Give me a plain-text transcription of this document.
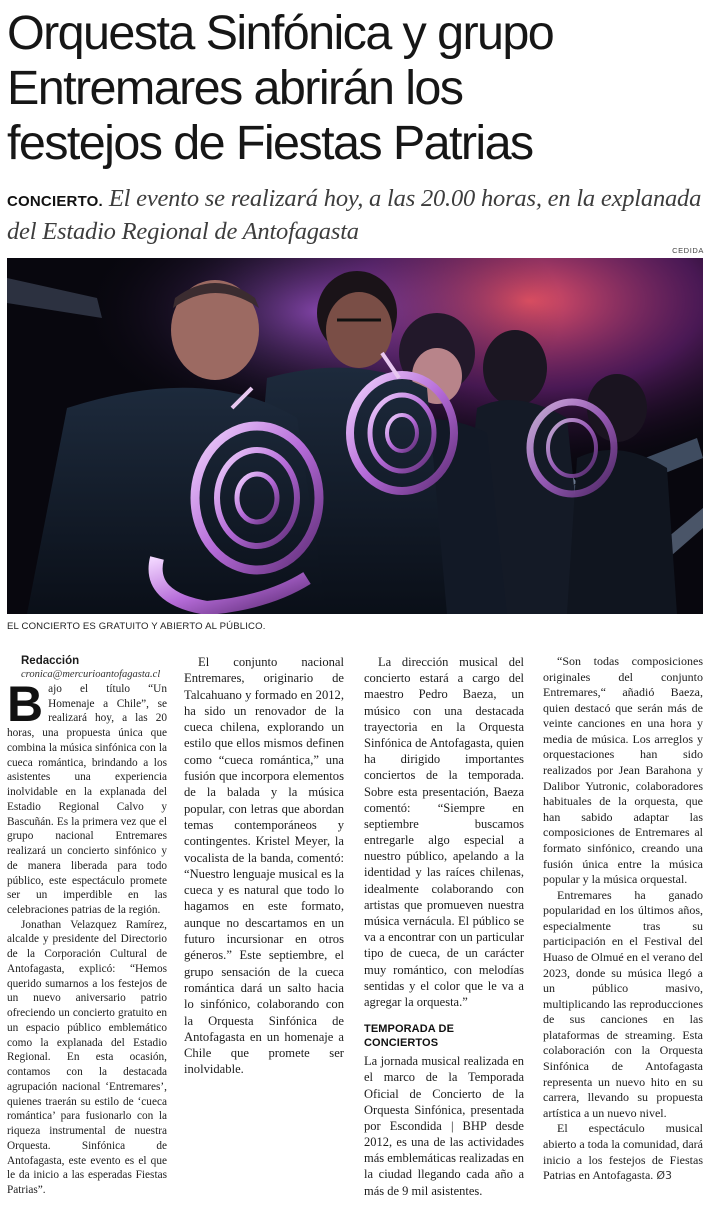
Orquesta Sinfónica y grupo
Entremares abrirán los
festejos de Fiestas Patrias

CONCIERTO. El evento se realizará hoy, a las 20.00 horas, en la explanada del Estadio Regional de Antofagasta

CEDIDA
EL CONCIERTO ES GRATUITO Y ABIERTO AL PÚBLICO.

Redacción

cronica@mercurioantofagasta.cl

Bajo el título “Un Homenaje a Chile”, se realizará hoy, a las 20 horas, una propuesta única que combina la música sinfónica con la cueca romántica, brindando a los asistentes una experiencia inolvidable en la explanada del Estadio Regional Calvo y Bascuñán. Es la primera vez que el grupo nacional Entremares realizará un concierto sinfónico y de manera liberada para todo público, este espectáculo promete ser un imperdible en las celebraciones patrias de la región.

Jonathan Velazquez Ramírez, alcalde y presidente del Directorio de la Corporación Cultural de Antofagasta, explicó: “Hemos querido sumarnos a los festejos de un nuevo aniversario patrio ofreciendo un concierto gratuito en un espacio público emblemático como la explanada del Estadio Regional. En esta ocasión, contamos con la destacada agrupación nacional ‘Entremares’, quienes traerán su estilo de ‘cueca romántica’ para fusionarlo con la riqueza instrumental de nuestra Orquesta. Sinfónica de Antofagasta, este evento es el que le da inicio a las esperadas Fiestas Patrias”.

El conjunto nacional Entremares, originario de Talcahuano y formado en 2012, ha sido un renovador de la cueca chilena, explorando un estilo que ellos mismos definen como “cueca romántica,” una fusión que incorpora elementos de la balada y la música popular, con letras que abordan temas contemporáneos y contingentes. Kristel Meyer, la vocalista de la banda, comentó: “Nuestro lenguaje musical es la cueca y es natural que todo lo hagamos en este formato, aunque no descartamos en un futuro incursionar en otros géneros.” Este septiembre, el grupo sensación de la cueca romántica dará un salto hacia lo sinfónico, colaborando con la Orquesta Sinfónica de Antofagasta en un homenaje a Chile que promete ser inolvidable.

La dirección musical del concierto estará a cargo del maestro Pedro Baeza, un músico con una destacada trayectoria en la Orquesta Sinfónica de Antofagasta, quien ha dirigido importantes conciertos de la temporada. Sobre esta presentación, Baeza comentó: “Siempre en septiembre buscamos entregarle algo especial a nuestro público, apelando a la identidad y las raíces chilenas, idealmente colaborando con artistas que promueven nuestra música vernácula. El público se va a encontrar con un particular tipo de cueca, de un carácter muy romántico, con melodías sentidas y el color que le va a agregar la orquesta.”

TEMPORADA DE CONCIERTOS

La jornada musical realizada en el marco de la Temporada Oficial de Concierto de la Orquesta Sinfónica, presentada por Escondida | BHP desde 2012, es una de las actividades más emblemáticas realizadas en la ciudad llegando cada año a más de 9 mil asistentes.

“Son todas composiciones originales del conjunto Entremares,“ añadió Baeza, quien destacó que serán más de veinte canciones en una hora y media de música. Los arreglos y orquestaciones han sido realizados por Jean Barahona y Dalibor Yutronic, colaboradores habituales de la orquesta, que han sabido adaptar las composiciones de Entremares al formato sinfónico, creando una fusión única entre la música popular y la música orquestal.

Entremares ha ganado popularidad en los últimos años, especialmente tras su participación en el Festival del Huaso de Olmué en el verano del 2023, donde su música llegó a un público masivo, multiplicando las reproducciones de sus canciones en las plataformas de streaming. Esta colaboración con la Orquesta Sinfónica de Antofagasta representa un nuevo hito en su carrera, llevando su propuesta artística a un nuevo nivel.

El espectáculo musical abierto a toda la comunidad, dará inicio a los festejos de Fiestas Patrias en Antofagasta. Ø3
